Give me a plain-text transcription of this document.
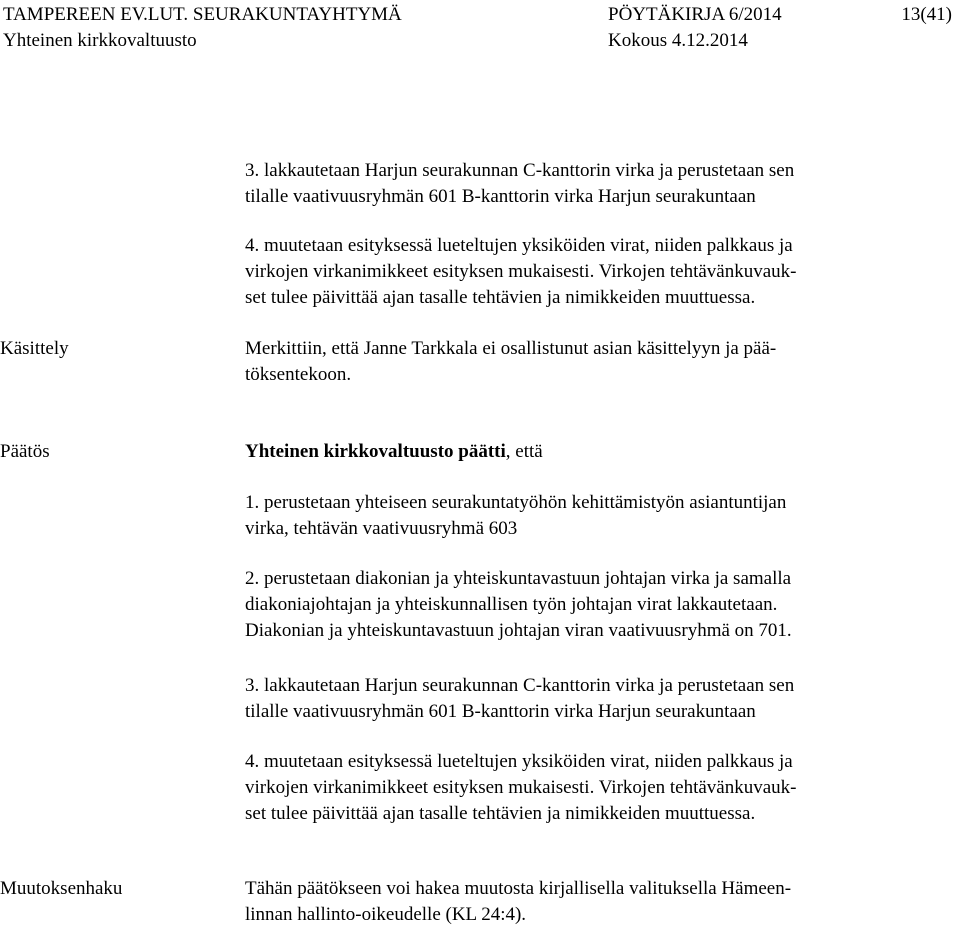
TAMPEREEN EV.LUT. SEURAKUNTAYHTYMÄ
Yhteinen kirkkovaltuusto
PÖYTÄKIRJA 6/2014
Kokous 4.12.2014
13(41)

3. lakkautetaan Harjun seurakunnan C-kanttorin virka ja perustetaan sen
tilalle vaativuusryhmän 601 B-kanttorin virka Harjun seurakuntaan

4. muutetaan esityksessä lueteltujen yksiköiden virat, niiden palkkaus ja
virkojen virkanimikkeet esityksen mukaisesti. Virkojen tehtävänkuvauk-
set tulee päivittää ajan tasalle tehtävien ja nimikkeiden muuttuessa.

Käsittely	Merkittiin, että Janne Tarkkala ei osallistunut asian käsittelyyn ja pää-
töksentekoon.

Päätös	Yhteinen kirkkovaltuusto päätti, että

1. perustetaan yhteiseen seurakuntatyöhön kehittämistyön asiantuntijan
virka, tehtävän vaativuusryhmä 603

2. perustetaan diakonian ja yhteiskuntavastuun johtajan virka ja samalla
diakoniajohtajan ja yhteiskunnallisen työn johtajan virat lakkautetaan.
Diakonian ja yhteiskuntavastuun johtajan viran vaativuusryhmä on 701.

3. lakkautetaan Harjun seurakunnan C-kanttorin virka ja perustetaan sen
tilalle vaativuusryhmän 601 B-kanttorin virka Harjun seurakuntaan

4. muutetaan esityksessä lueteltujen yksiköiden virat, niiden palkkaus ja
virkojen virkanimikkeet esityksen mukaisesti. Virkojen tehtävänkuvauk-
set tulee päivittää ajan tasalle tehtävien ja nimikkeiden muuttuessa.

Muutoksenhaku	Tähän päätökseen voi hakea muutosta kirjallisella valituksella Hämeen-
linnan hallinto-oikeudelle (KL 24:4).
